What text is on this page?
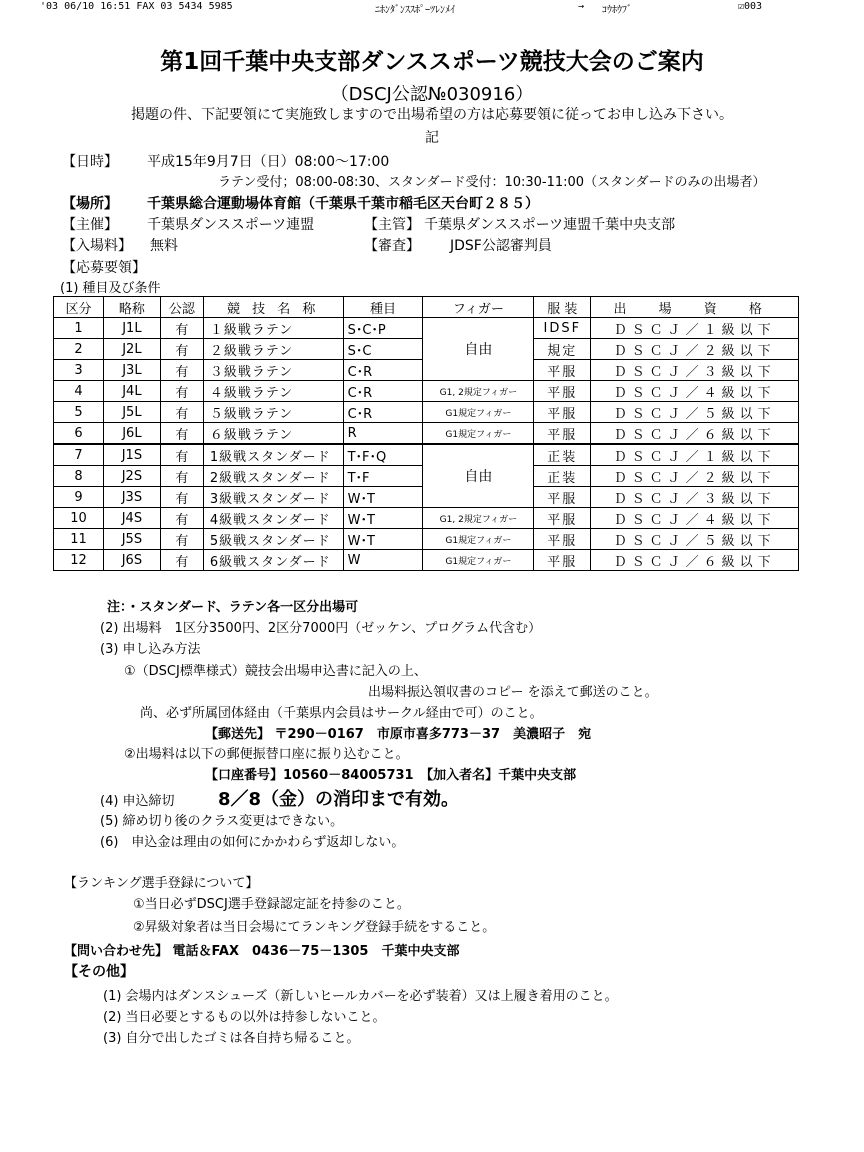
'03 06/10 16:51 FAX 03 5434 5985	ﾆﾎﾝﾀﾞﾝｽｽﾎﾟｰﾂﾚﾝﾒｲ	→ ｺｳﾎｳﾌﾞ	☑003
第1回千葉中央支部ダンススポーツ競技大会のご案内
（DSCJ公認№030916）
掲題の件、下記要領にて実施致しますので出場希望の方は応募要領に従ってお申し込み下さい。
記
【日時】 平成15年9月7日（日）08:00～17:00
ラテン受付；08:00-08:30、スタンダード受付：10:30-11:00（スタンダードのみの出場者）
【場所】 千葉県総合運動場体育館（千葉県千葉市稲毛区天台町２８５）
【主催】 千葉県ダンススポーツ連盟	【主管】 千葉県ダンススポーツ連盟千葉中央支部
【入場料】 無料	【審査】 JDSF公認審判員
【応募要領】
(1) 種目及び条件
区分	略称	公認	競 技 名 称	種目	フィガー	服 装	出 場 資 格
1	J1L	有	１級戦ラテン	S･C･P	自由	IDSF	ＤＳＣＪ／１級以下
2	J2L	有	２級戦ラテン	S･C		規定	ＤＳＣＪ／２級以下
3	J3L	有	３級戦ラテン	C･R		平服	ＤＳＣＪ／３級以下
4	J4L	有	４級戦ラテン	C･R	G1, 2規定フィガー	平服	ＤＳＣＪ／４級以下
5	J5L	有	５級戦ラテン	C･R	G1規定フィガー	平服	ＤＳＣＪ／５級以下
6	J6L	有	６級戦ラテン	R	G1規定フィガー	平服	ＤＳＣＪ／６級以下
7	J1S	有	1級戦スタンダード	T･F･Q	自由	正装	ＤＳＣＪ／１級以下
8	J2S	有	2級戦スタンダード	T･F		正装	ＤＳＣＪ／２級以下
9	J3S	有	3級戦スタンダード	W･T		平服	ＤＳＣＪ／３級以下
10	J4S	有	4級戦スタンダード	W･T	G1, 2規定フィガー	平服	ＤＳＣＪ／４級以下
11	J5S	有	5級戦スタンダード	W･T	G1規定フィガー	平服	ＤＳＣＪ／５級以下
12	J6S	有	6級戦スタンダード	W	G1規定フィガー	平服	ＤＳＣＪ／６級以下
注：・スタンダード、ラテン各一区分出場可
(2) 出場料　1区分3500円、2区分7000円（ゼッケン、プログラム代含む）
(3) 申し込み方法
①（DSCJ標準様式）競技会出場申込書に記入の上、
出場料振込領収書のコピー を添えて郵送のこと。
尚、必ず所属団体経由（千葉県内会員はサークル経由で可）のこと。
【郵送先】 〒290－0167　市原市喜多773－37　美濃昭子　宛
②出場料は以下の郵便振替口座に振り込むこと。
【口座番号】10560－84005731　【加入者名】千葉中央支部
(4) 申込締切 8／8（金）の消印まで有効。
(5) 締め切り後のクラス変更はできない。
(6)　申込金は理由の如何にかかわらず返却しない。
【ランキング選手登録について】
①当日必ずDSCJ選手登録認定証を持参のこと。
②昇級対象者は当日会場にてランキング登録手続をすること。
【問い合わせ先】 電話＆FAX　0436－75－1305　千葉中央支部
【その他】
(1) 会場内はダンスシューズ（新しいヒールカバーを必ず装着）又は上履き着用のこと。
(2) 当日必要とするもの以外は持参しないこと。
(3) 自分で出したゴミは各自持ち帰ること。
